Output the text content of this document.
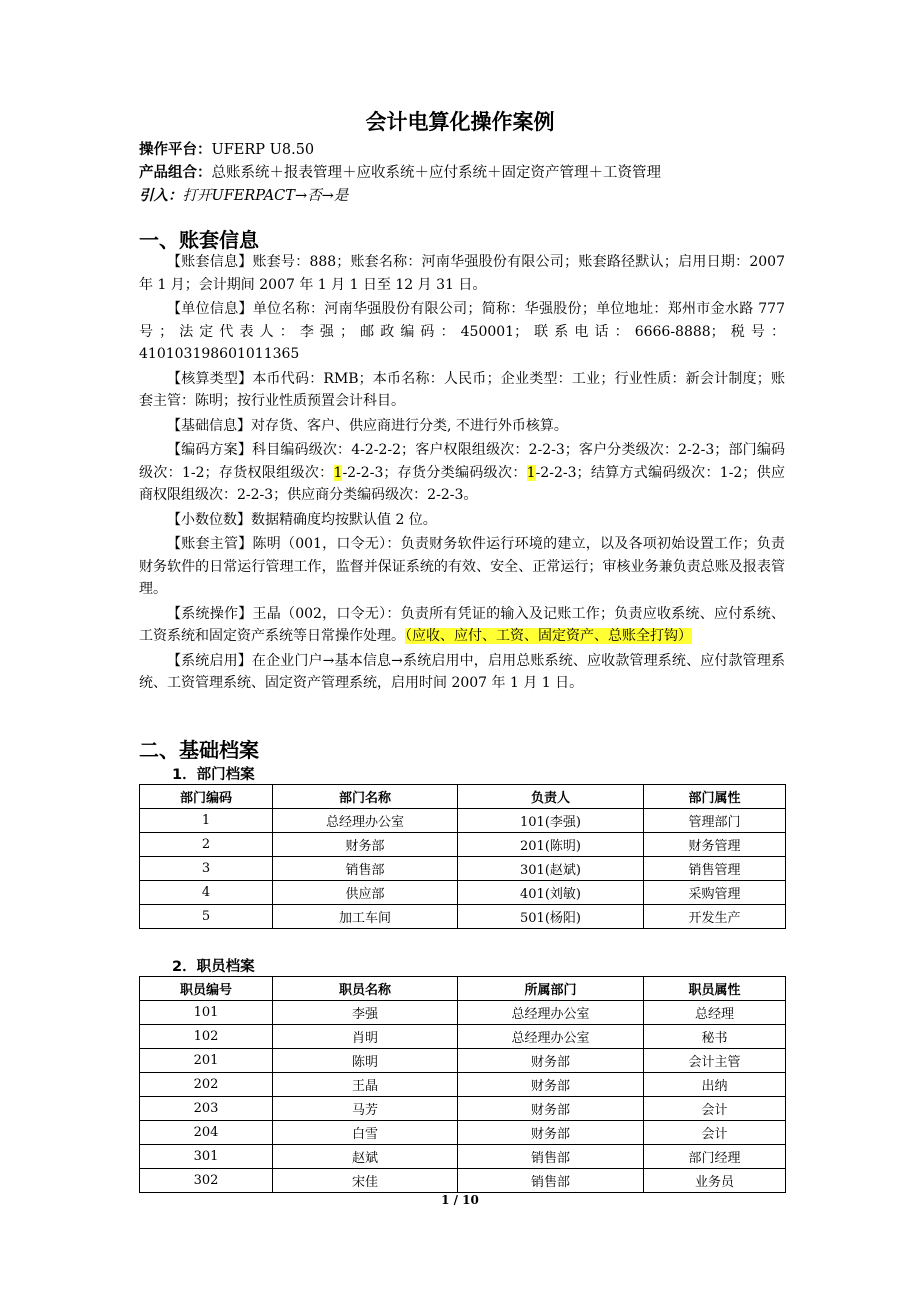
会计电算化操作案例
操作平台：UFERP U8.50
产品组合：总账系统＋报表管理＋应收系统＋应付系统＋固定资产管理＋工资管理
引入：打开UFERPACT→否→是
一、账套信息

【账套信息】账套号：888；账套名称：河南华强股份有限公司；账套路径默认；启用日期：2007 年 1 月；会计期间 2007 年 1 月 1 日至 12 月 31 日。

【单位信息】单位名称：河南华强股份有限公司；简称：华强股份；单位地址：郑州市金水路 777 号；法定代表人：李强；邮政编码：450001；联系电话：6666-8888；税号：410103198601011365

【核算类型】本币代码：RMB；本币名称：人民币；企业类型：工业；行业性质：新会计制度；账套主管：陈明；按行业性质预置会计科目。

【基础信息】对存货、客户、供应商进行分类, 不进行外币核算。

【编码方案】科目编码级次：4-2-2-2；客户权限组级次：2-2-3；客户分类级次：2-2-3；部门编码级次：1-2；存货权限组级次：1-2-2-3；存货分类编码级次：1-2-2-3；结算方式编码级次：1-2；供应商权限组级次：2-2-3；供应商分类编码级次：2-2-3。

【小数位数】数据精确度均按默认值 2 位。

【账套主管】陈明（001，口令无）：负责财务软件运行环境的建立，以及各项初始设置工作；负责财务软件的日常运行管理工作，监督并保证系统的有效、安全、正常运行；审核业务兼负责总账及报表管理。

【系统操作】王晶（002，口令无）：负责所有凭证的输入及记账工作；负责应收系统、应付系统、工资系统和固定资产系统等日常操作处理。（应收、应付、工资、固定资产、总账全打钩）

【系统启用】在企业门户→基本信息→系统启用中，启用总账系统、应收款管理系统、应付款管理系统、工资管理系统、固定资产管理系统，启用时间 2007 年 1 月 1 日。

二、基础档案
1．部门档案
部门编码	部门名称	负责人	部门属性
1	总经理办公室	101(李强)	管理部门
2	财务部	201(陈明)	财务管理
3	销售部	301(赵斌)	销售管理
4	供应部	401(刘敏)	采购管理
5	加工车间	501(杨阳)	开发生产
2．职员档案
职员编号	职员名称	所属部门	职员属性
101	李强	总经理办公室	总经理
102	肖明	总经理办公室	秘书
201	陈明	财务部	会计主管
202	王晶	财务部	出纳
203	马芳	财务部	会计
204	白雪	财务部	会计
301	赵斌	销售部	部门经理
302	宋佳	销售部	业务员
1 / 10
